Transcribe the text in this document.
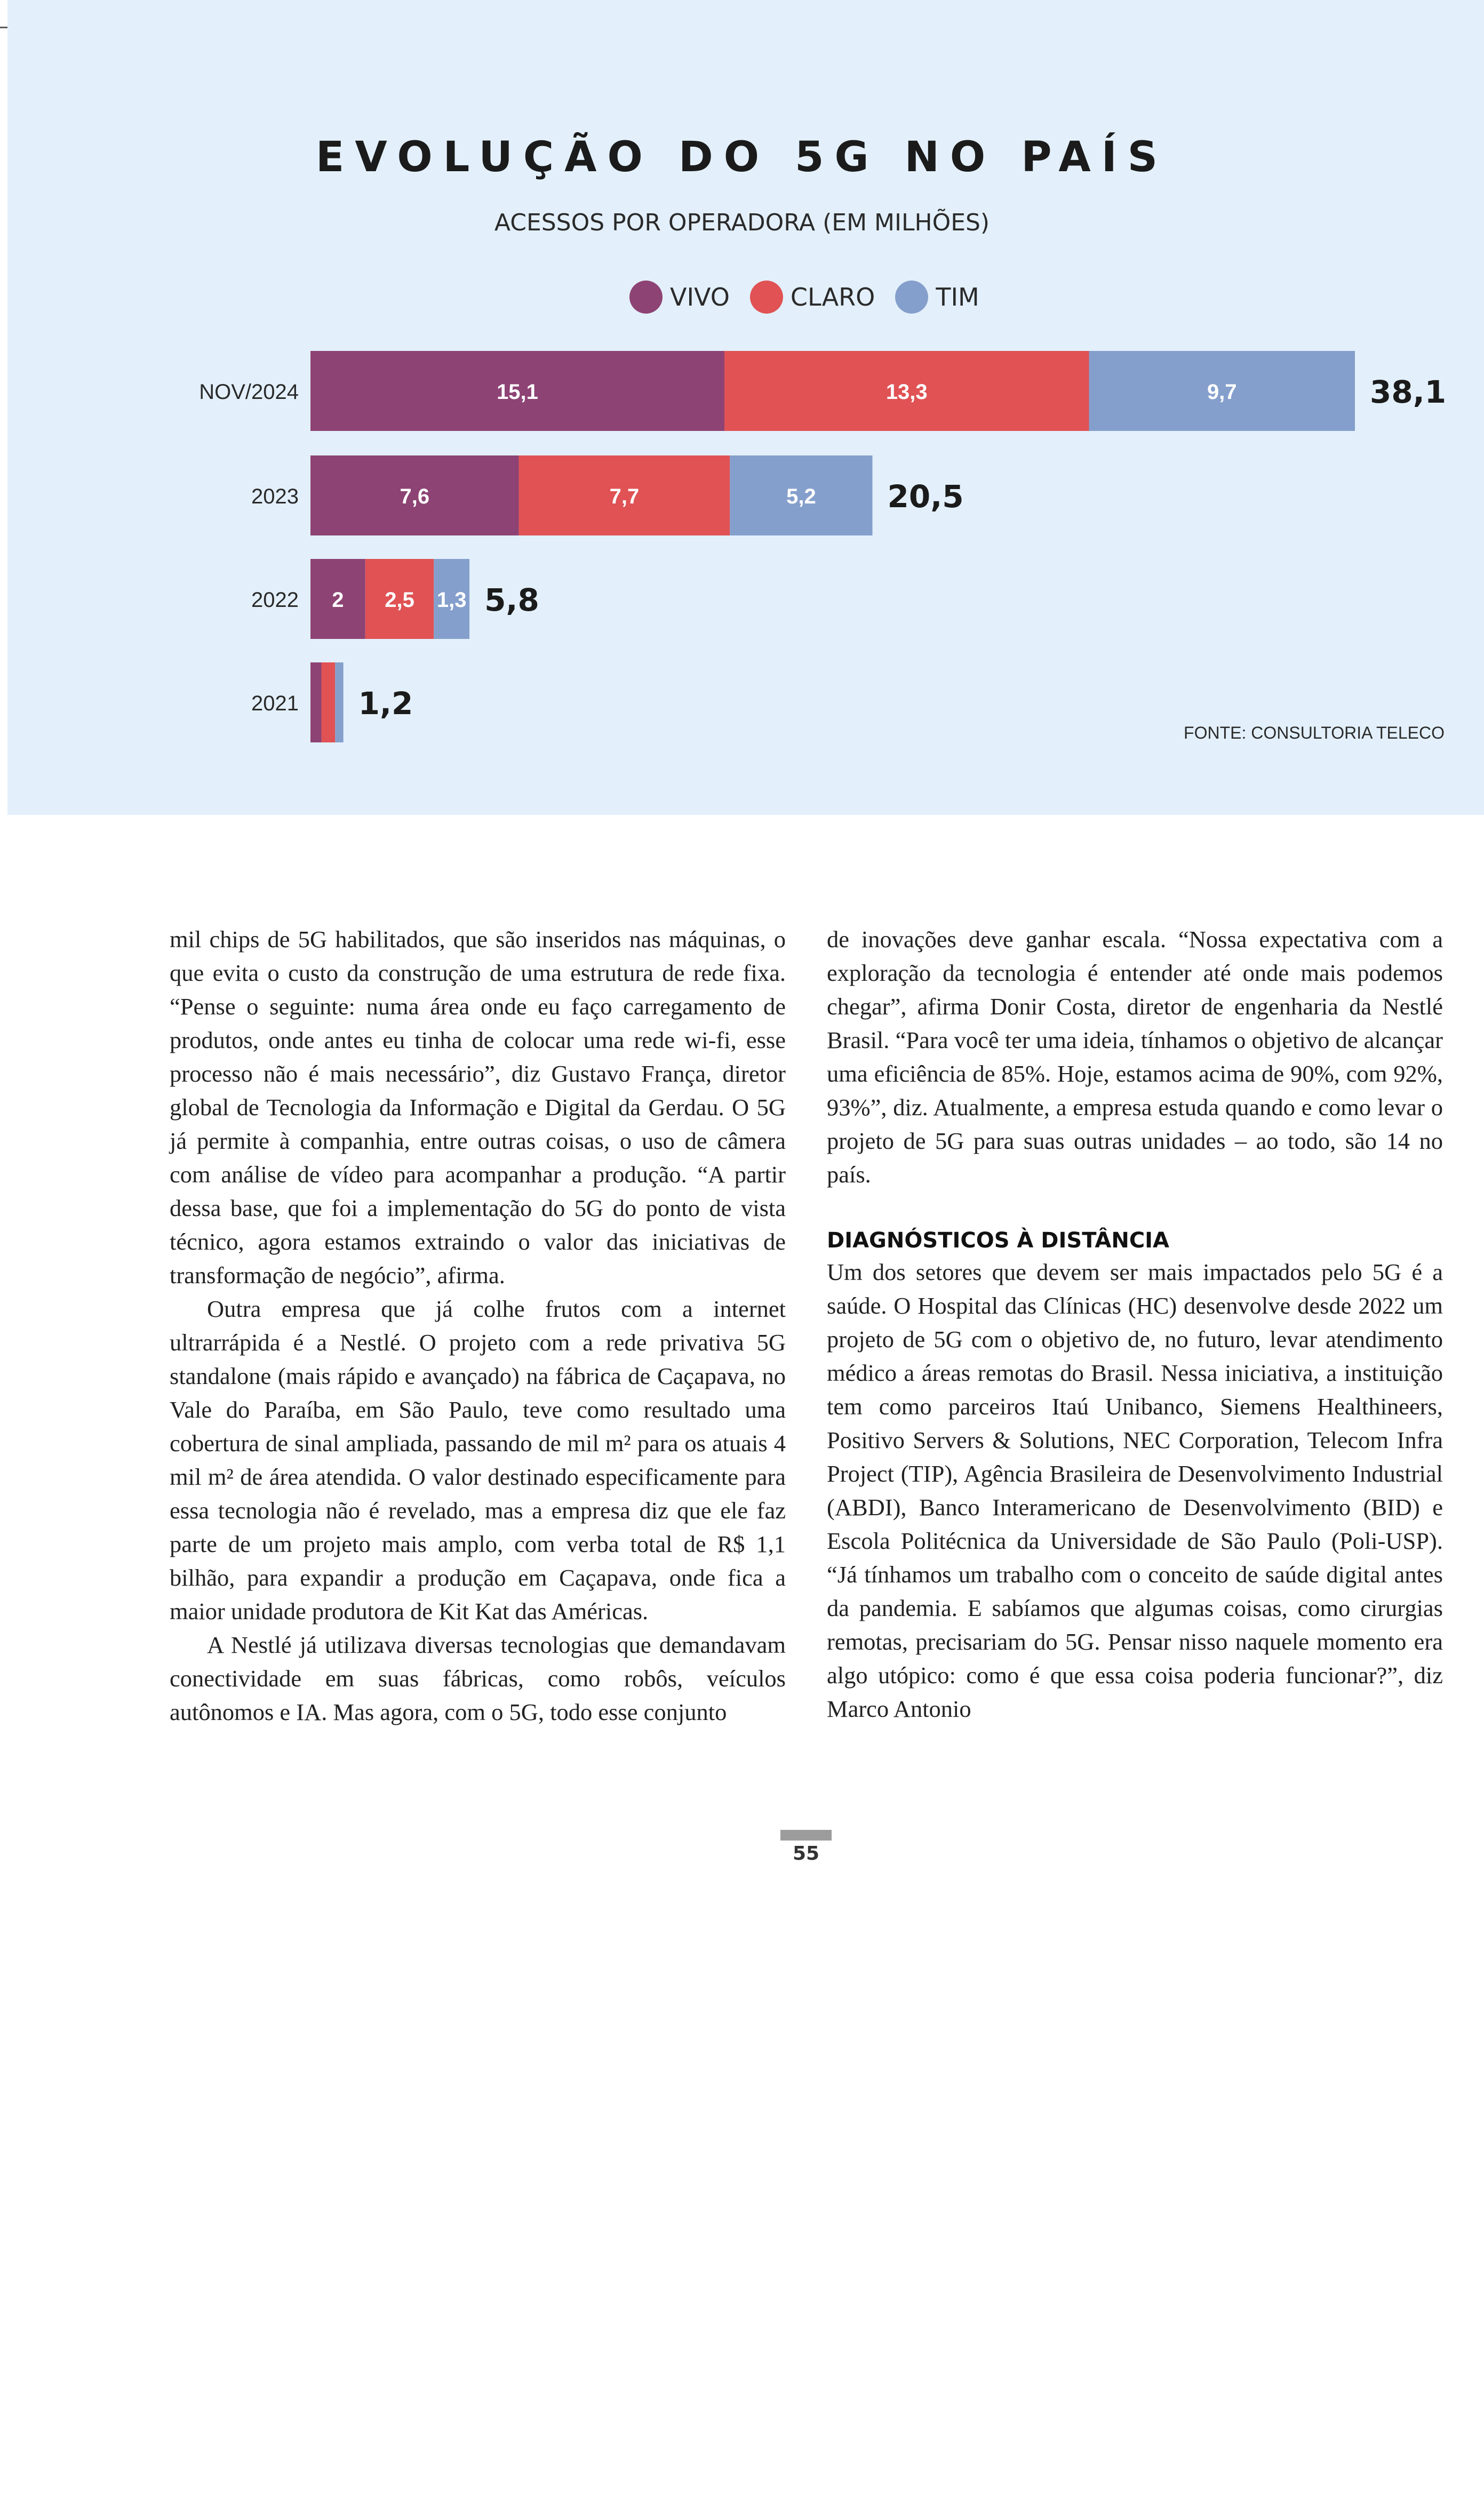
EVOLUÇÃO DO 5G NO PAÍS
ACESSOS POR OPERADORA (EM MILHÕES)
VIVO CLARO TIM
NOV/2024	15,1	13,3	9,7	38,1
2023	7,6	7,7	5,2 20,5
2022 2 2,5 1,3 5,8
2021 1,2
FONTE: CONSULTORIA TELECO

mil chips de 5G habilitados, que são inseridos nas máquinas, o que evita o custo da construção de uma estrutura de rede fixa. “Pense o seguinte: numa área onde eu faço carregamento de produtos, onde antes eu tinha de colocar uma rede wi-fi, esse processo não é mais necessário”, diz Gustavo França, diretor global de Tecnologia da Informação e Digital da Gerdau. O 5G já permite à companhia, entre outras coisas, o uso de câmera com análise de vídeo para acompanhar a produção. “A partir dessa base, que foi a implementação do 5G do ponto de vista técnico, agora estamos extraindo o valor das iniciativas de transformação de negócio”, afirma.

Outra empresa que já colhe frutos com a internet ultrarrápida é a Nestlé. O projeto com a rede privativa 5G standalone (mais rápido e avançado) na fábrica de Caçapava, no Vale do Paraíba, em São Paulo, teve como resultado uma cobertura de sinal ampliada, passando de mil m² para os atuais 4 mil m² de área atendida. O valor destinado especificamente para essa tecnologia não é revelado, mas a empresa diz que ele faz parte de um projeto mais amplo, com verba total de R$ 1,1 bilhão, para expandir a produção em Caçapava, onde fica a maior unidade produtora de Kit Kat das Américas.

A Nestlé já utilizava diversas tecnologias que demandavam conectividade em suas fábricas, como robôs, veículos autônomos e IA. Mas agora, com o 5G, todo esse conjunto

de inovações deve ganhar escala. “Nossa expectativa com a exploração da tecnologia é entender até onde mais podemos chegar”, afirma Donir Costa, diretor de engenharia da Nestlé Brasil. “Para você ter uma ideia, tínhamos o objetivo de alcançar uma eficiência de 85%. Hoje, estamos acima de 90%, com 92%, 93%”, diz. Atualmente, a empresa estuda quando e como levar o projeto de 5G para suas outras unidades – ao todo, são 14 no país.

DIAGNÓSTICOS À DISTÂNCIA

Um dos setores que devem ser mais impactados pelo 5G é a saúde. O Hospital das Clínicas (HC) desenvolve desde 2022 um projeto de 5G com o objetivo de, no futuro, levar atendimento médico a áreas remotas do Brasil. Nessa iniciativa, a instituição tem como parceiros Itaú Unibanco, Siemens Healthineers, Positivo Servers & Solutions, NEC Corporation, Telecom Infra Project (TIP), Agência Brasileira de Desenvolvimento Industrial (ABDI), Banco Interamericano de Desenvolvimento (BID) e Escola Politécnica da Universidade de São Paulo (Poli-USP). “Já tínhamos um trabalho com o conceito de saúde digital antes da pandemia. E sabíamos que algumas coisas, como cirurgias remotas, precisariam do 5G. Pensar nisso naquele momento era algo utópico: como é que essa coisa poderia funcionar?”, diz Marco Antonio

55
